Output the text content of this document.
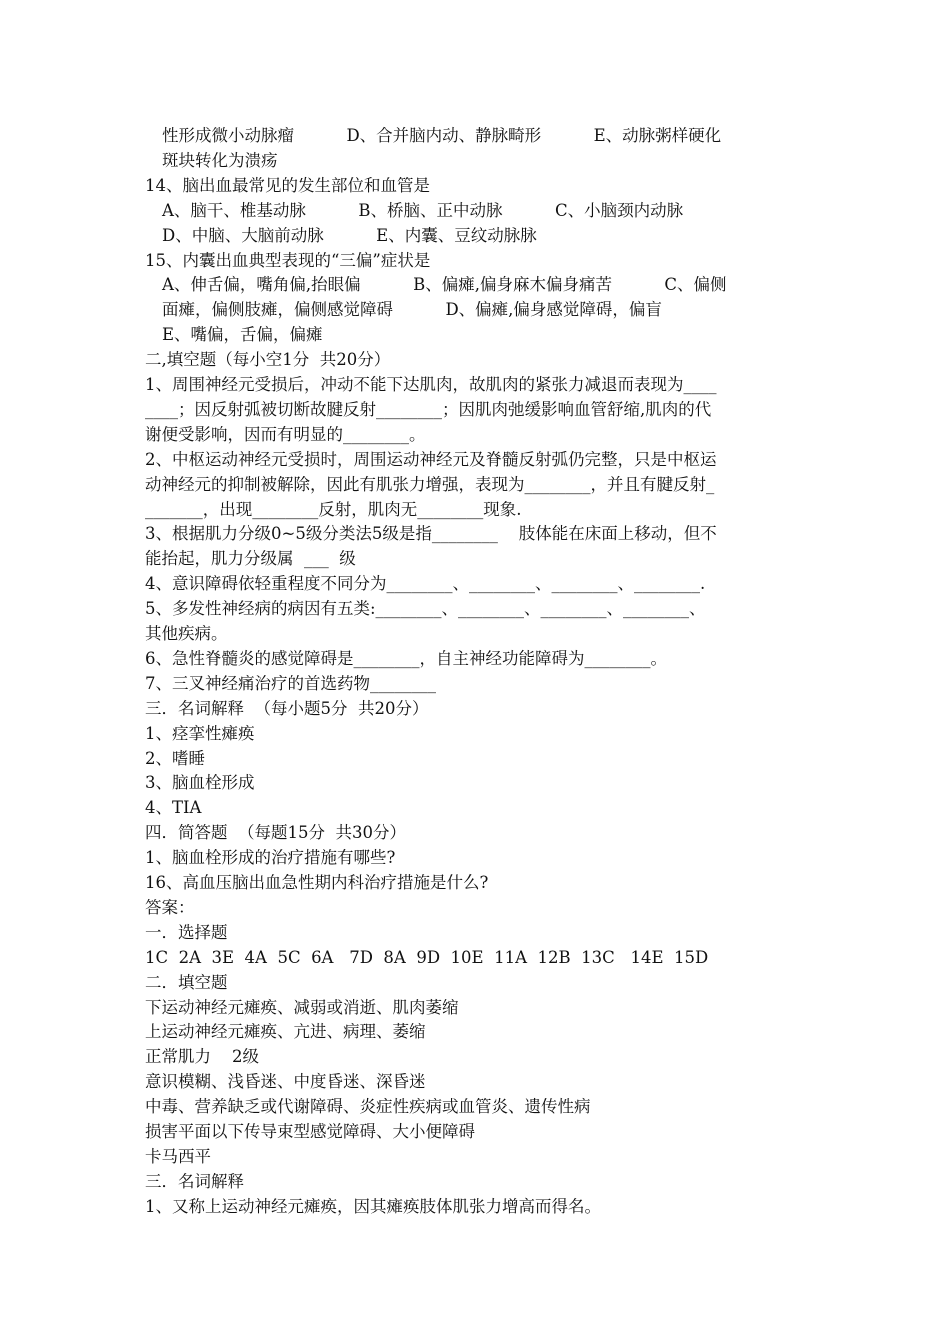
性形成微小动脉瘤          D、合并脑内动、静脉畸形          E、动脉粥样硬化
斑块转化为溃疡
14、脑出血最常见的发生部位和血管是
A、脑干、椎基动脉          B、桥脑、正中动脉          C、小脑颈内动脉
D、中脑、大脑前动脉          E、内囊、豆纹动脉脉
15、内囊出血典型表现的“三偏”症状是
A、伸舌偏，嘴角偏,抬眼偏          B、偏瘫,偏身麻木偏身痛苦          C、偏侧
面瘫，偏侧肢瘫，偏侧感觉障碍          D、偏瘫,偏身感觉障碍，偏盲
E、嘴偏，舌偏，偏瘫
二,填空题（每小空1分  共20分）
1、周围神经元受损后，冲动不能下达肌肉，故肌肉的紧张力减退而表现为____
____；因反射弧被切断故腱反射________；因肌肉弛缓影响血管舒缩,肌肉的代
谢便受影响，因而有明显的________。
2、中枢运动神经元受损时，周围运动神经元及脊髓反射弧仍完整，只是中枢运
动神经元的抑制被解除，因此有肌张力增强，表现为________，并且有腱反射_
_______，出现________反射，肌肉无________现象.
3、根据肌力分级0~5级分类法5级是指________    肢体能在床面上移动，但不
能抬起，肌力分级属  ___  级
4、意识障碍依轻重程度不同分为________、________、________、________.
5、多发性神经病的病因有五类:________、________、________、________、
其他疾病。
6、急性脊髓炎的感觉障碍是________，自主神经功能障碍为________。
7、三叉神经痛治疗的首选药物________
三．名词解释  （每小题5分  共20分）
1、痉挛性瘫痪
2、嗜睡
3、脑血栓形成
4、TIA
四．简答题  （每题15分  共30分）
1、脑血栓形成的治疗措施有哪些?
16、高血压脑出血急性期内科治疗措施是什么?
答案：
一．选择题
1C  2A  3E  4A  5C  6A   7D  8A  9D  10E  11A  12B  13C   14E  15D
二．填空题
下运动神经元瘫痪、减弱或消逝、肌肉萎缩
上运动神经元瘫痪、亢进、病理、萎缩
正常肌力    2级
意识模糊、浅昏迷、中度昏迷、深昏迷
中毒、营养缺乏或代谢障碍、炎症性疾病或血管炎、遗传性病
损害平面以下传导束型感觉障碍、大小便障碍
卡马西平
三．名词解释
1、又称上运动神经元瘫痪，因其瘫痪肢体肌张力增高而得名。
